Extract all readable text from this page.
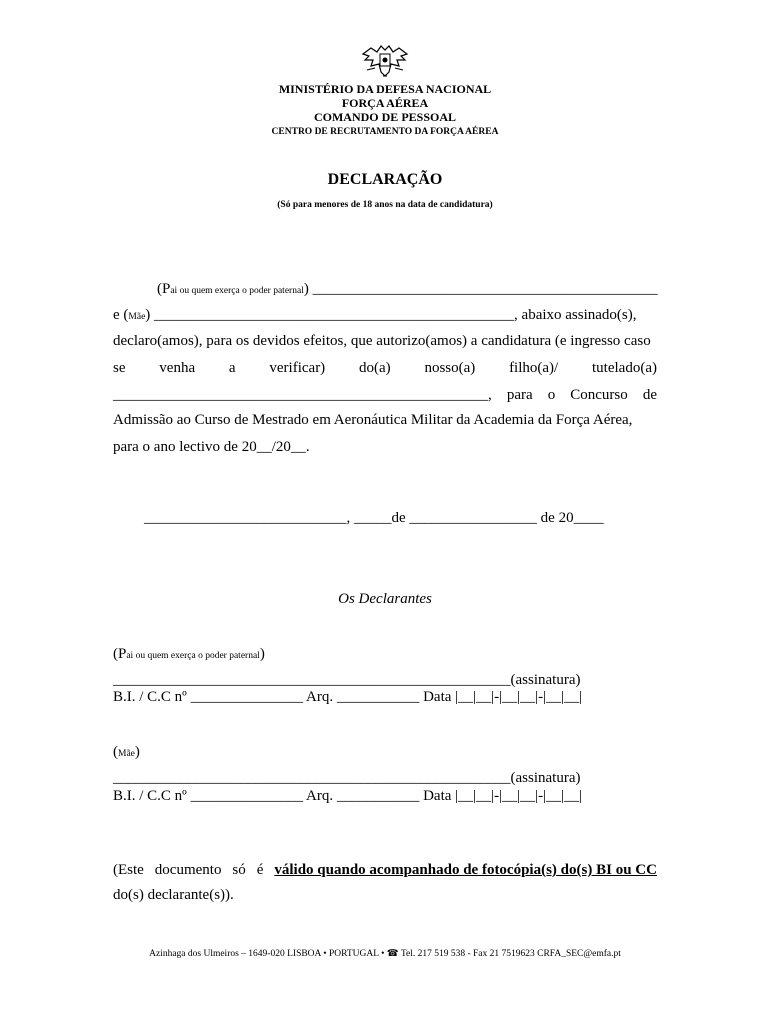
MINISTÉRIO DA DEFESA NACIONAL
FORÇA AÉREA
COMANDO DE PESSOAL
CENTRO DE RECRUTAMENTO DA FORÇA AÉREA
DECLARAÇÃO
(Só para menores de 18 anos na data de candidatura)
(Pai ou quem exerça o poder paternal) ______________________________________________
e (Mãe) ________________________________________________, abaixo assinado(s),
declaro(amos), para os devidos efeitos, que autorizo(amos) a candidatura (e ingresso caso
se venha a verificar) do(a) nosso(a) filho(a)/ tutelado(a)
__________________________________________________, para o Concurso de
Admissão ao Curso de Mestrado em Aeronáutica Militar da Academia da Força Aérea,
para o ano lectivo de 20__/20__.
___________________________, _____de _________________ de 20____
Os Declarantes
(Pai ou quem exerça o poder paternal)
_____________________________________________________(assinatura)
B.I. / C.C nº _______________ Arq. ___________ Data |__|__|-|__|__|-|__|__|
(Mãe)
_____________________________________________________(assinatura)
B.I. / C.C nº _______________ Arq. ___________ Data |__|__|-|__|__|-|__|__|
(Este documento só é válido quando acompanhado de fotocópia(s) do(s) BI ou CC
do(s) declarante(s)).
Azinhaga dos Ulmeiros – 1649-020 LISBOA • PORTUGAL • ☎ Tel. 217 519 538 - Fax 21 7519623 CRFA_SEC@emfa.pt
